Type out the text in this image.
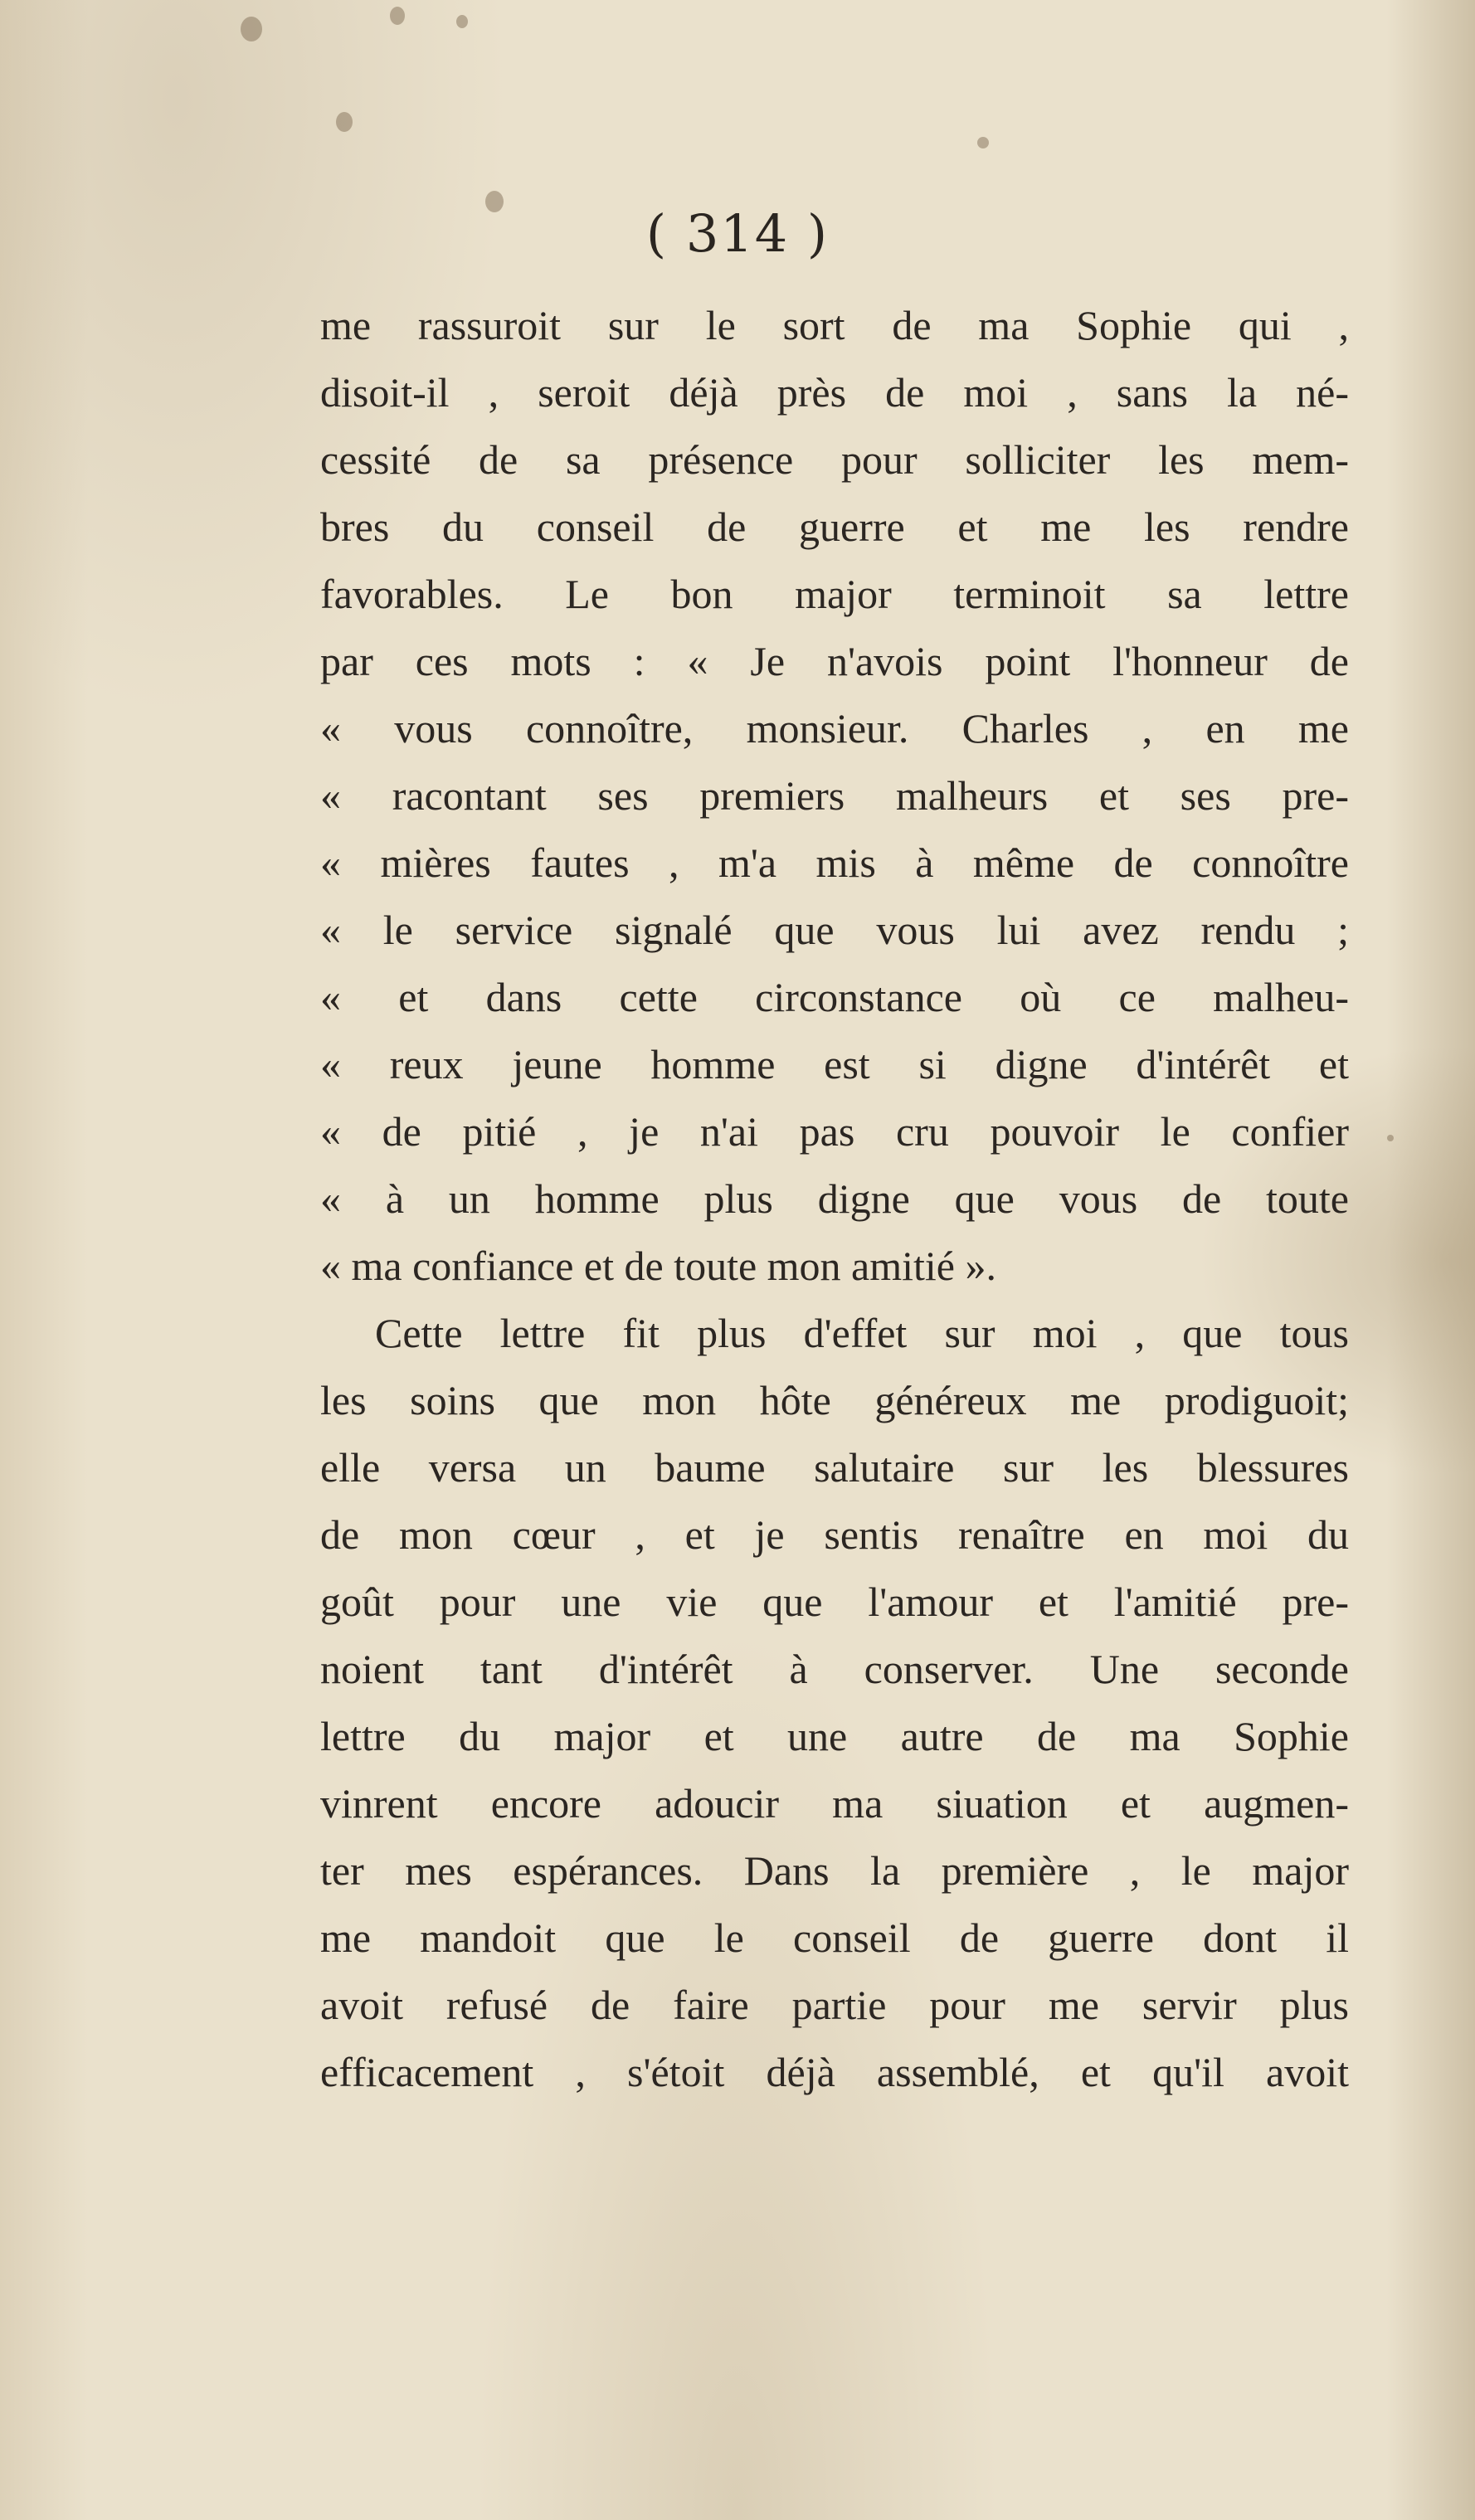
( 314 )
me rassuroit sur le sort de ma Sophie qui ,
disoit-il , seroit déjà près de moi , sans la né-
cessité de sa présence pour solliciter les mem-
bres du conseil de guerre et me les rendre
favorables. Le bon major terminoit sa lettre
par ces mots : « Je n'avois point l'honneur de
« vous connoître, monsieur. Charles , en me
« racontant ses premiers malheurs et ses pre-
« mières fautes , m'a mis à même de connoître
« le service signalé que vous lui avez rendu ;
« et dans cette circonstance où ce malheu-
« reux jeune homme est si digne d'intérêt et
« de pitié , je n'ai pas cru pouvoir le confier
« à un homme plus digne que vous de toute
« ma confiance et de toute mon amitié ».
Cette lettre fit plus d'effet sur moi , que tous
les soins que mon hôte généreux me prodiguoit;
elle versa un baume salutaire sur les blessures
de mon cœur , et je sentis renaître en moi du
goût pour une vie que l'amour et l'amitié pre-
noient tant d'intérêt à conserver. Une seconde
lettre du major et une autre de ma Sophie
vinrent encore adoucir ma siuation et augmen-
ter mes espérances. Dans la première , le major
me mandoit que le conseil de guerre dont il
avoit refusé de faire partie pour me servir plus
efficacement , s'étoit déjà assemblé, et qu'il avoit
